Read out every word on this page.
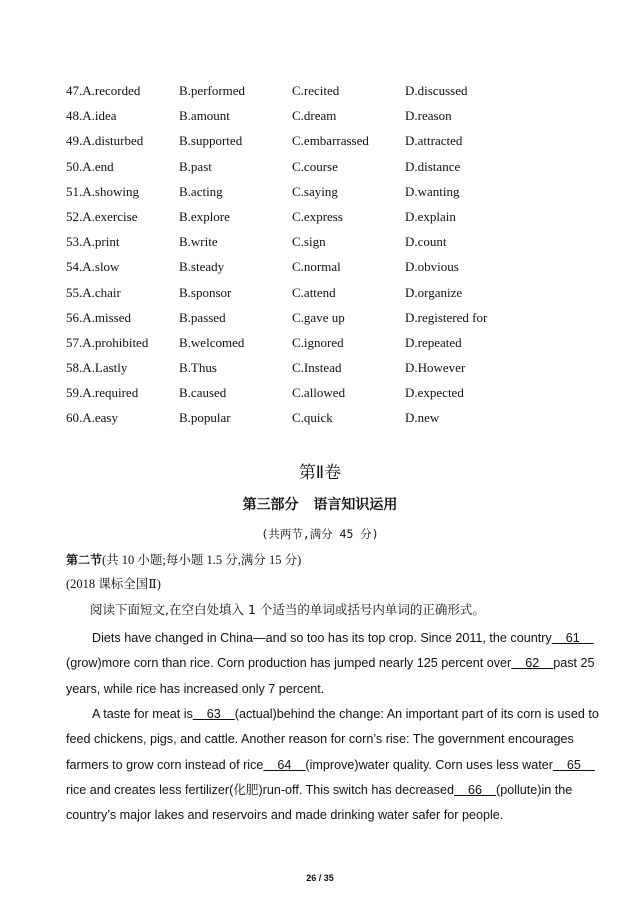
47.A.recorded	B.performed	C.recited	D.discussed
48.A.idea	B.amount	C.dream	D.reason
49.A.disturbed	B.supported	C.embarrassed	D.attracted
50.A.end	B.past	C.course	D.distance
51.A.showing	B.acting	C.saying	D.wanting
52.A.exercise	B.explore	C.express	D.explain
53.A.print	B.write	C.sign	D.count
54.A.slow	B.steady	C.normal	D.obvious
55.A.chair	B.sponsor	C.attend	D.organize
56.A.missed	B.passed	C.gave up	D.registered for
57.A.prohibited B.welcomed	C.ignored	D.repeated
58.A.Lastly	B.Thus	C.Instead	D.However
59.A.required	B.caused	C.allowed	D.expected
60.A.easy	B.popular	C.quick	D.new
第Ⅱ卷
第三部分 语言知识运用
(共两节,满分 45 分)
第二节(共 10 小题;每小题 1.5 分,满分 15 分)
(2018 课标全国Ⅱ)
阅读下面短文,在空白处填入 1 个适当的单词或括号内单词的正确形式。
Diets have changed in China—and so too has its top crop. Since 2011, the country    61
(grow)more corn than rice. Corn production has jumped nearly 125 percent over    62    past 25
years, while rice has increased only 7 percent.
A taste for meat is    63    (actual)behind the change: An important part of its corn is used to
feed chickens, pigs, and cattle. Another reason for corn’s rise: The government encourages
farmers to grow corn instead of rice    64    (improve)water quality. Corn uses less water    65
rice and creates less fertilizer(化肥)run-off. This switch has decreased    66    (pollute)in the
country’s major lakes and reservoirs and made drinking water safer for people.
26 / 35
